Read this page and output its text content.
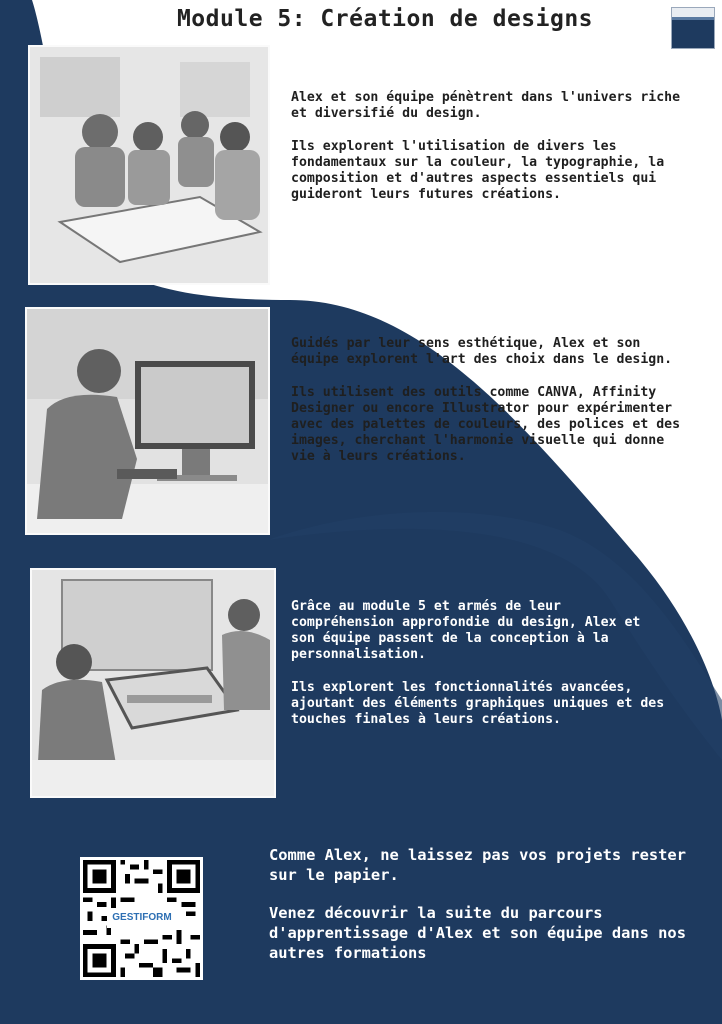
Module 5: Création de designs

Alex et son équipe pénètrent dans l'univers riche et diversifié du design.

Ils explorent l'utilisation de divers les fondamentaux sur la couleur, la typographie, la composition et d'autres aspects essentiels qui guideront leurs futures créations.

Guidés par leur sens esthétique, Alex et son équipe explorent l'art des choix dans le design.

Ils utilisent des outils comme CANVA, Affinity Designer ou encore Illustrator pour expérimenter avec des palettes de couleurs, des polices et des images, cherchant l'harmonie visuelle qui donne vie à leurs créations.

Grâce au module 5 et armés de leur compréhension approfondie du design, Alex et son équipe passent de la conception à la personnalisation.

Ils explorent les fonctionnalités avancées, ajoutant des éléments graphiques uniques et des touches finales à leurs créations.

GESTIFORM

Comme Alex, ne laissez pas vos projets rester sur le papier.

Venez découvrir la suite du parcours d'apprentissage d'Alex et son équipe dans nos autres formations
